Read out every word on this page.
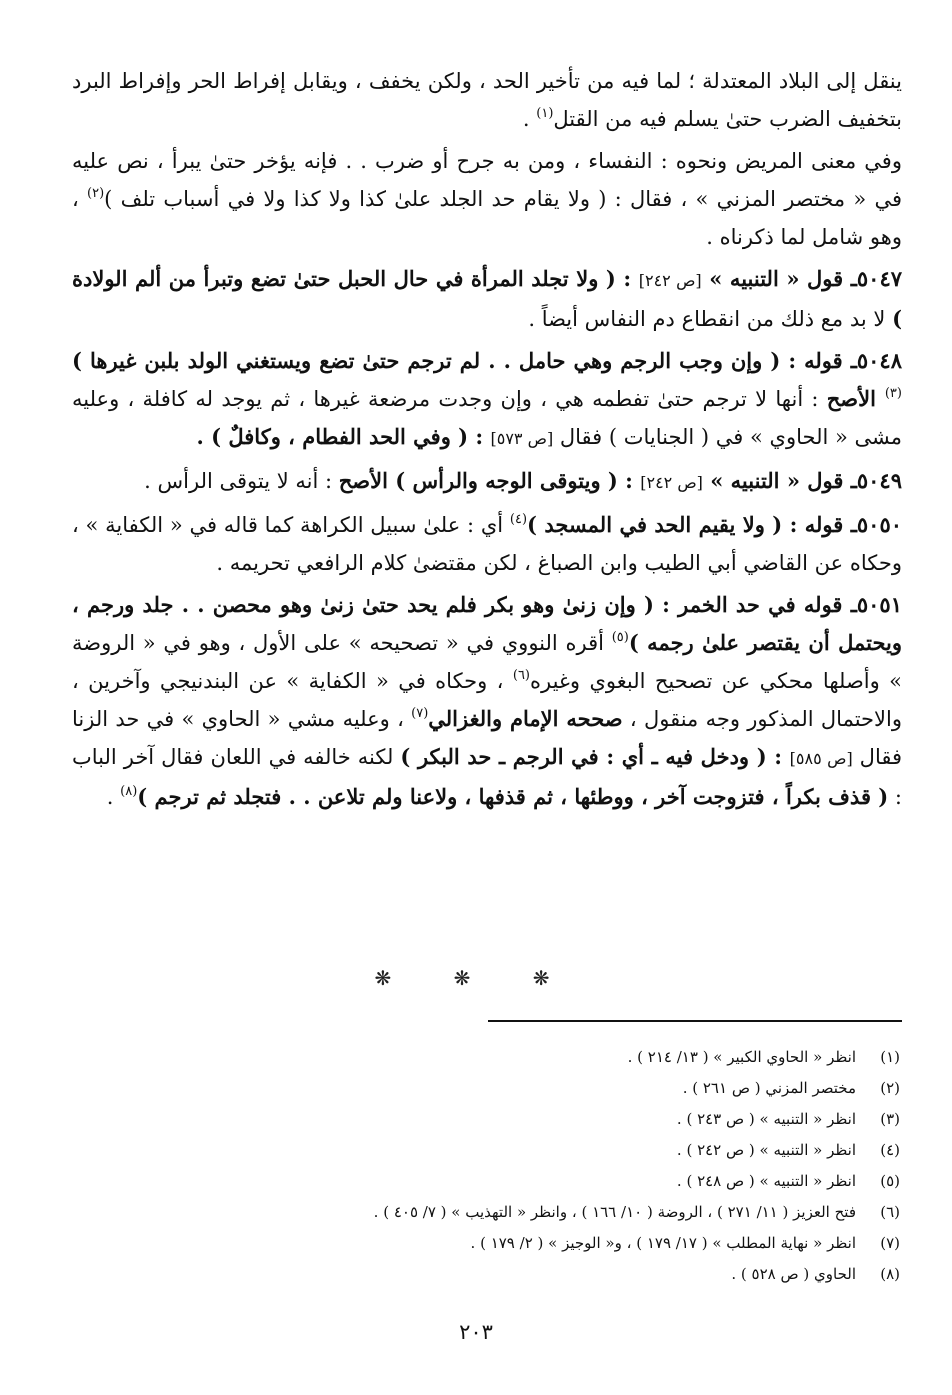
ينقل إلى البلاد المعتدلة ؛ لما فيه من تأخير الحد ، ولكن يخفف ، ويقابل إفراط الحر وإفراط البرد بتخفيف الضرب حتىٰ يسلم فيه من القتل$^{(١)}$ .

وفي معنى المريض ونحوه : النفساء ، ومن به جرح أو ضرب . . فإنه يؤخر حتىٰ يبرأ ، نص عليه في « مختصر المزني » ، فقال : ( ولا يقام حد الجلد علىٰ كذا ولا كذا ولا في أسباب تلف )$^{(٢)}$ ، وهو شامل لما ذكرناه .

٥٠٤٧ـ قول « التنبيه » [ص ٢٤٢] : ( ولا تجلد المرأة في حال الحبل حتىٰ تضع وتبرأ من ألم الولادة ) لا بد مع ذلك من انقطاع دم النفاس أيضاً .

٥٠٤٨ـ قوله : ( وإن وجب الرجم وهي حامل . . لم ترجم حتىٰ تضع ويستغني الولد بلبن غيرها )$^{(٣)}$ الأصح : أنها لا ترجم حتىٰ تفطمه هي ، وإن وجدت مرضعة غيرها ، ثم يوجد له كافلة ، وعليه مشى « الحاوي » في ( الجنايات ) فقال [ص ٥٧٣] : ( وفي الحد الفطام ، وكافلٌ ) .

٥٠٤٩ـ قول « التنبيه » [ص ٢٤٢] : ( ويتوقى الوجه والرأس ) الأصح : أنه لا يتوقى الرأس .

٥٠٥٠ـ قوله : ( ولا يقيم الحد في المسجد )$^{(٤)}$ أي : علىٰ سبيل الكراهة كما قاله في « الكفاية » ، وحكاه عن القاضي أبي الطيب وابن الصباغ ، لكن مقتضىٰ كلام الرافعي تحريمه .

٥٠٥١ـ قوله في حد الخمر : ( وإن زنىٰ وهو بكر فلم يحد حتىٰ زنىٰ وهو محصن . . جلد ورجم ، ويحتمل أن يقتصر علىٰ رجمه )$^{(٥)}$ أقره النووي في « تصحيحه » على الأول ، وهو في « الروضة » وأصلها محكي عن تصحيح البغوي وغيره$^{(٦)}$ ، وحكاه في « الكفاية » عن البندنيجي وآخرين ، والاحتمال المذكور وجه منقول ، صححه الإمام والغزالي$^{(٧)}$ ، وعليه مشي « الحاوي » في حد الزنا فقال [ص ٥٨٥] : ( ودخل فيه ـ أي : في الرجم ـ حد البكر ) لكنه خالفه في اللعان فقال آخر الباب : ( قذف بكراً ، فتزوجت آخر ، ووطئها ، ثم قذفها ، ولاعنا ولم تلاعن . . فتجلد ثم ترجم )$^{(٨)}$ .

❋ ❋ ❋
(١)انظر « الحاوي الكبير » ( ١٣/ ٢١٤ ) .
(٢)مختصر المزني ( ص ٢٦١ ) .
(٣)انظر « التنبيه » ( ص ٢٤٣ ) .
(٤)انظر « التنبيه » ( ص ٢٤٢ ) .
(٥)انظر « التنبيه » ( ص ٢٤٨ ) .
(٦)فتح العزيز ( ١١/ ٢٧١ ) ، الروضة ( ١٠/ ١٦٦ ) ، وانظر « التهذيب » ( ٧/ ٤٠٥ ) .
(٧)انظر « نهاية المطلب » ( ١٧/ ١٧٩ ) ، و« الوجيز » ( ٢/ ١٧٩ ) .
(٨)الحاوي ( ص ٥٢٨ ) .
٢٠٣
